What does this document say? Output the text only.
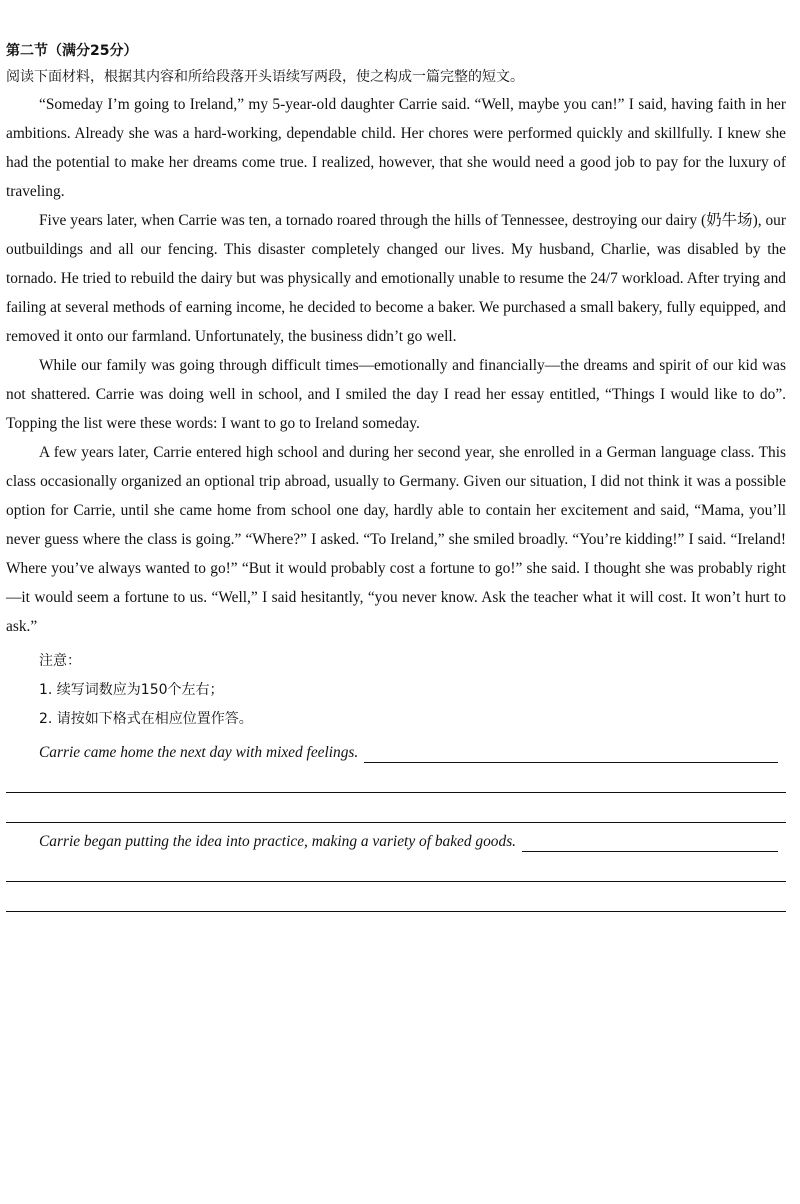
第二节（满分25分）

阅读下面材料，根据其内容和所给段落开头语续写两段，使之构成一篇完整的短文。

“Someday I’m going to Ireland,” my 5-year-old daughter Carrie said. “Well, maybe you can!” I said, having faith in her ambitions. Already she was a hard-working, dependable child. Her chores were performed quickly and skillfully. I knew she had the potential to make her dreams come true. I realized, however, that she would need a good job to pay for the luxury of traveling.

Five years later, when Carrie was ten, a tornado roared through the hills of Tennessee, destroying our dairy (奶牛场), our outbuildings and all our fencing. This disaster completely changed our lives. My husband, Charlie, was disabled by the tornado. He tried to rebuild the dairy but was physically and emotionally unable to resume the 24/7 workload. After trying and failing at several methods of earning income, he decided to become a baker. We purchased a small bakery, fully equipped, and removed it onto our farmland. Unfortunately, the business didn’t go well.

While our family was going through difficult times—emotionally and financially—the dreams and spirit of our kid was not shattered. Carrie was doing well in school, and I smiled the day I read her essay entitled, “Things I would like to do”. Topping the list were these words: I want to go to Ireland someday.

A few years later, Carrie entered high school and during her second year, she enrolled in a German language class. This class occasionally organized an optional trip abroad, usually to Germany. Given our situation, I did not think it was a possible option for Carrie, until she came home from school one day, hardly able to contain her excitement and said, “Mama, you’ll never guess where the class is going.” “Where?” I asked. “To Ireland,” she smiled broadly. “You’re kidding!” I said. “Ireland! Where you’ve always wanted to go!” “But it would probably cost a fortune to go!” she said. I thought she was probably right—it would seem a fortune to us. “Well,” I said hesitantly, “you never know. Ask the teacher what it will cost. It won’t hurt to ask.”

注意：
1. 续写词数应为150个左右；
2. 请按如下格式在相应位置作答。
Carrie came home the next day with mixed feelings.
Carrie began putting the idea into practice, making a variety of baked goods.
